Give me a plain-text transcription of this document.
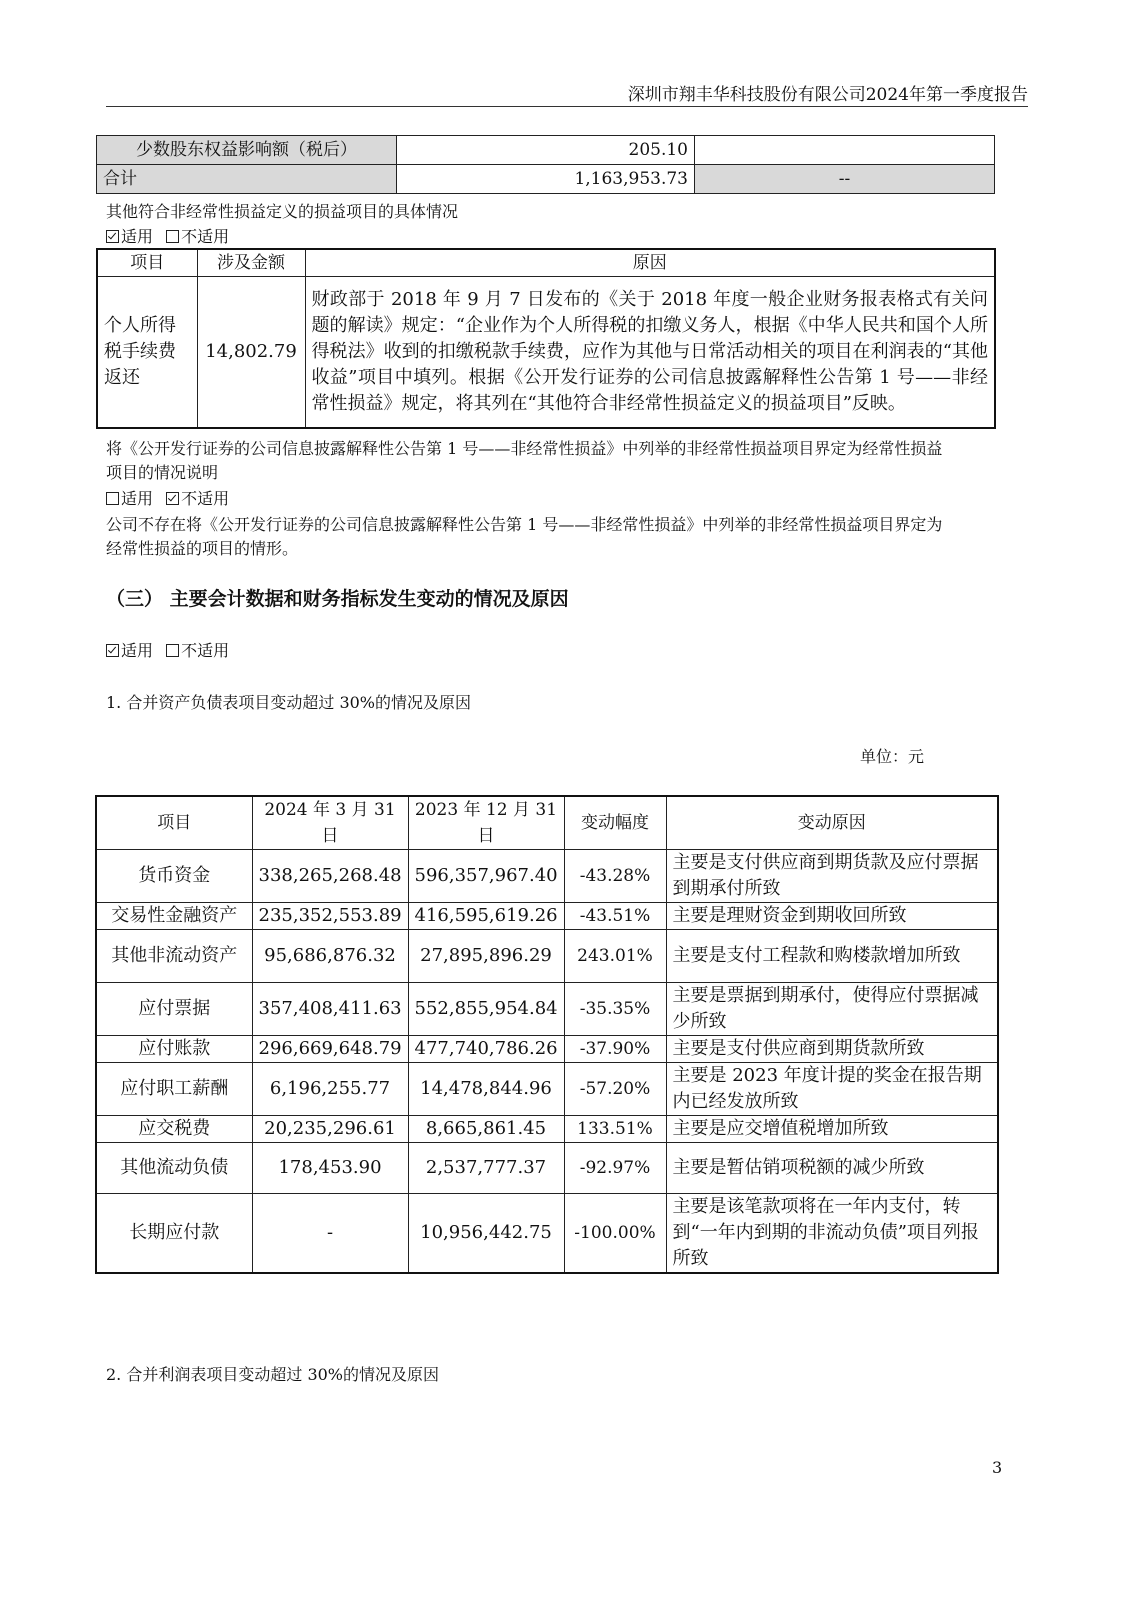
深圳市翔丰华科技股份有限公司2024年第一季度报告
少数股东权益影响额（税后）	205.10	
合计	1,163,953.73	--
其他符合非经常性损益定义的损益项目的具体情况
适用 不适用
项目	涉及金额	原因
个人所得税手续费返还	14,802.79	财政部于 2018 年 9 月 7 日发布的《关于 2018 年度一般企业财务报表格式有关问题的解读》规定：“企业作为个人所得税的扣缴义务人，根据《中华人民共和国个人所得税法》收到的扣缴税款手续费，应作为其他与日常活动相关的项目在利润表的“其他收益”项目中填列。根据《公开发行证券的公司信息披露解释性公告第 1 号——非经常性损益》规定，将其列在“其他符合非经常性损益定义的损益项目”反映。
将《公开发行证券的公司信息披露解释性公告第 1 号——非经常性损益》中列举的非经常性损益项目界定为经常性损益
项目的情况说明
适用 不适用
公司不存在将《公开发行证券的公司信息披露解释性公告第 1 号——非经常性损益》中列举的非经常性损益项目界定为
经常性损益的项目的情形。
（三） 主要会计数据和财务指标发生变动的情况及原因
适用 不适用
1. 合并资产负债表项目变动超过 30%的情况及原因
单位：元
项目	2024 年 3 月 31 日	2023 年 12 月 31 日	变动幅度	变动原因
货币资金	338,265,268.48	596,357,967.40	-43.28%	主要是支付供应商到期货款及应付票据到期承付所致
交易性金融资产	235,352,553.89	416,595,619.26	-43.51%	主要是理财资金到期收回所致
其他非流动资产	95,686,876.32	27,895,896.29	243.01%	主要是支付工程款和购楼款增加所致
应付票据	357,408,411.63	552,855,954.84	-35.35%	主要是票据到期承付，使得应付票据减少所致
应付账款	296,669,648.79	477,740,786.26	-37.90%	主要是支付供应商到期货款所致
应付职工薪酬	6,196,255.77	14,478,844.96	-57.20%	主要是 2023 年度计提的奖金在报告期内已经发放所致
应交税费	20,235,296.61	8,665,861.45	133.51%	主要是应交增值税增加所致
其他流动负债	178,453.90	2,537,777.37	-92.97%	主要是暂估销项税额的减少所致
长期应付款	-	10,956,442.75	-100.00%	主要是该笔款项将在一年内支付，转到“一年内到期的非流动负债”项目列报所致
2. 合并利润表项目变动超过 30%的情况及原因
3
